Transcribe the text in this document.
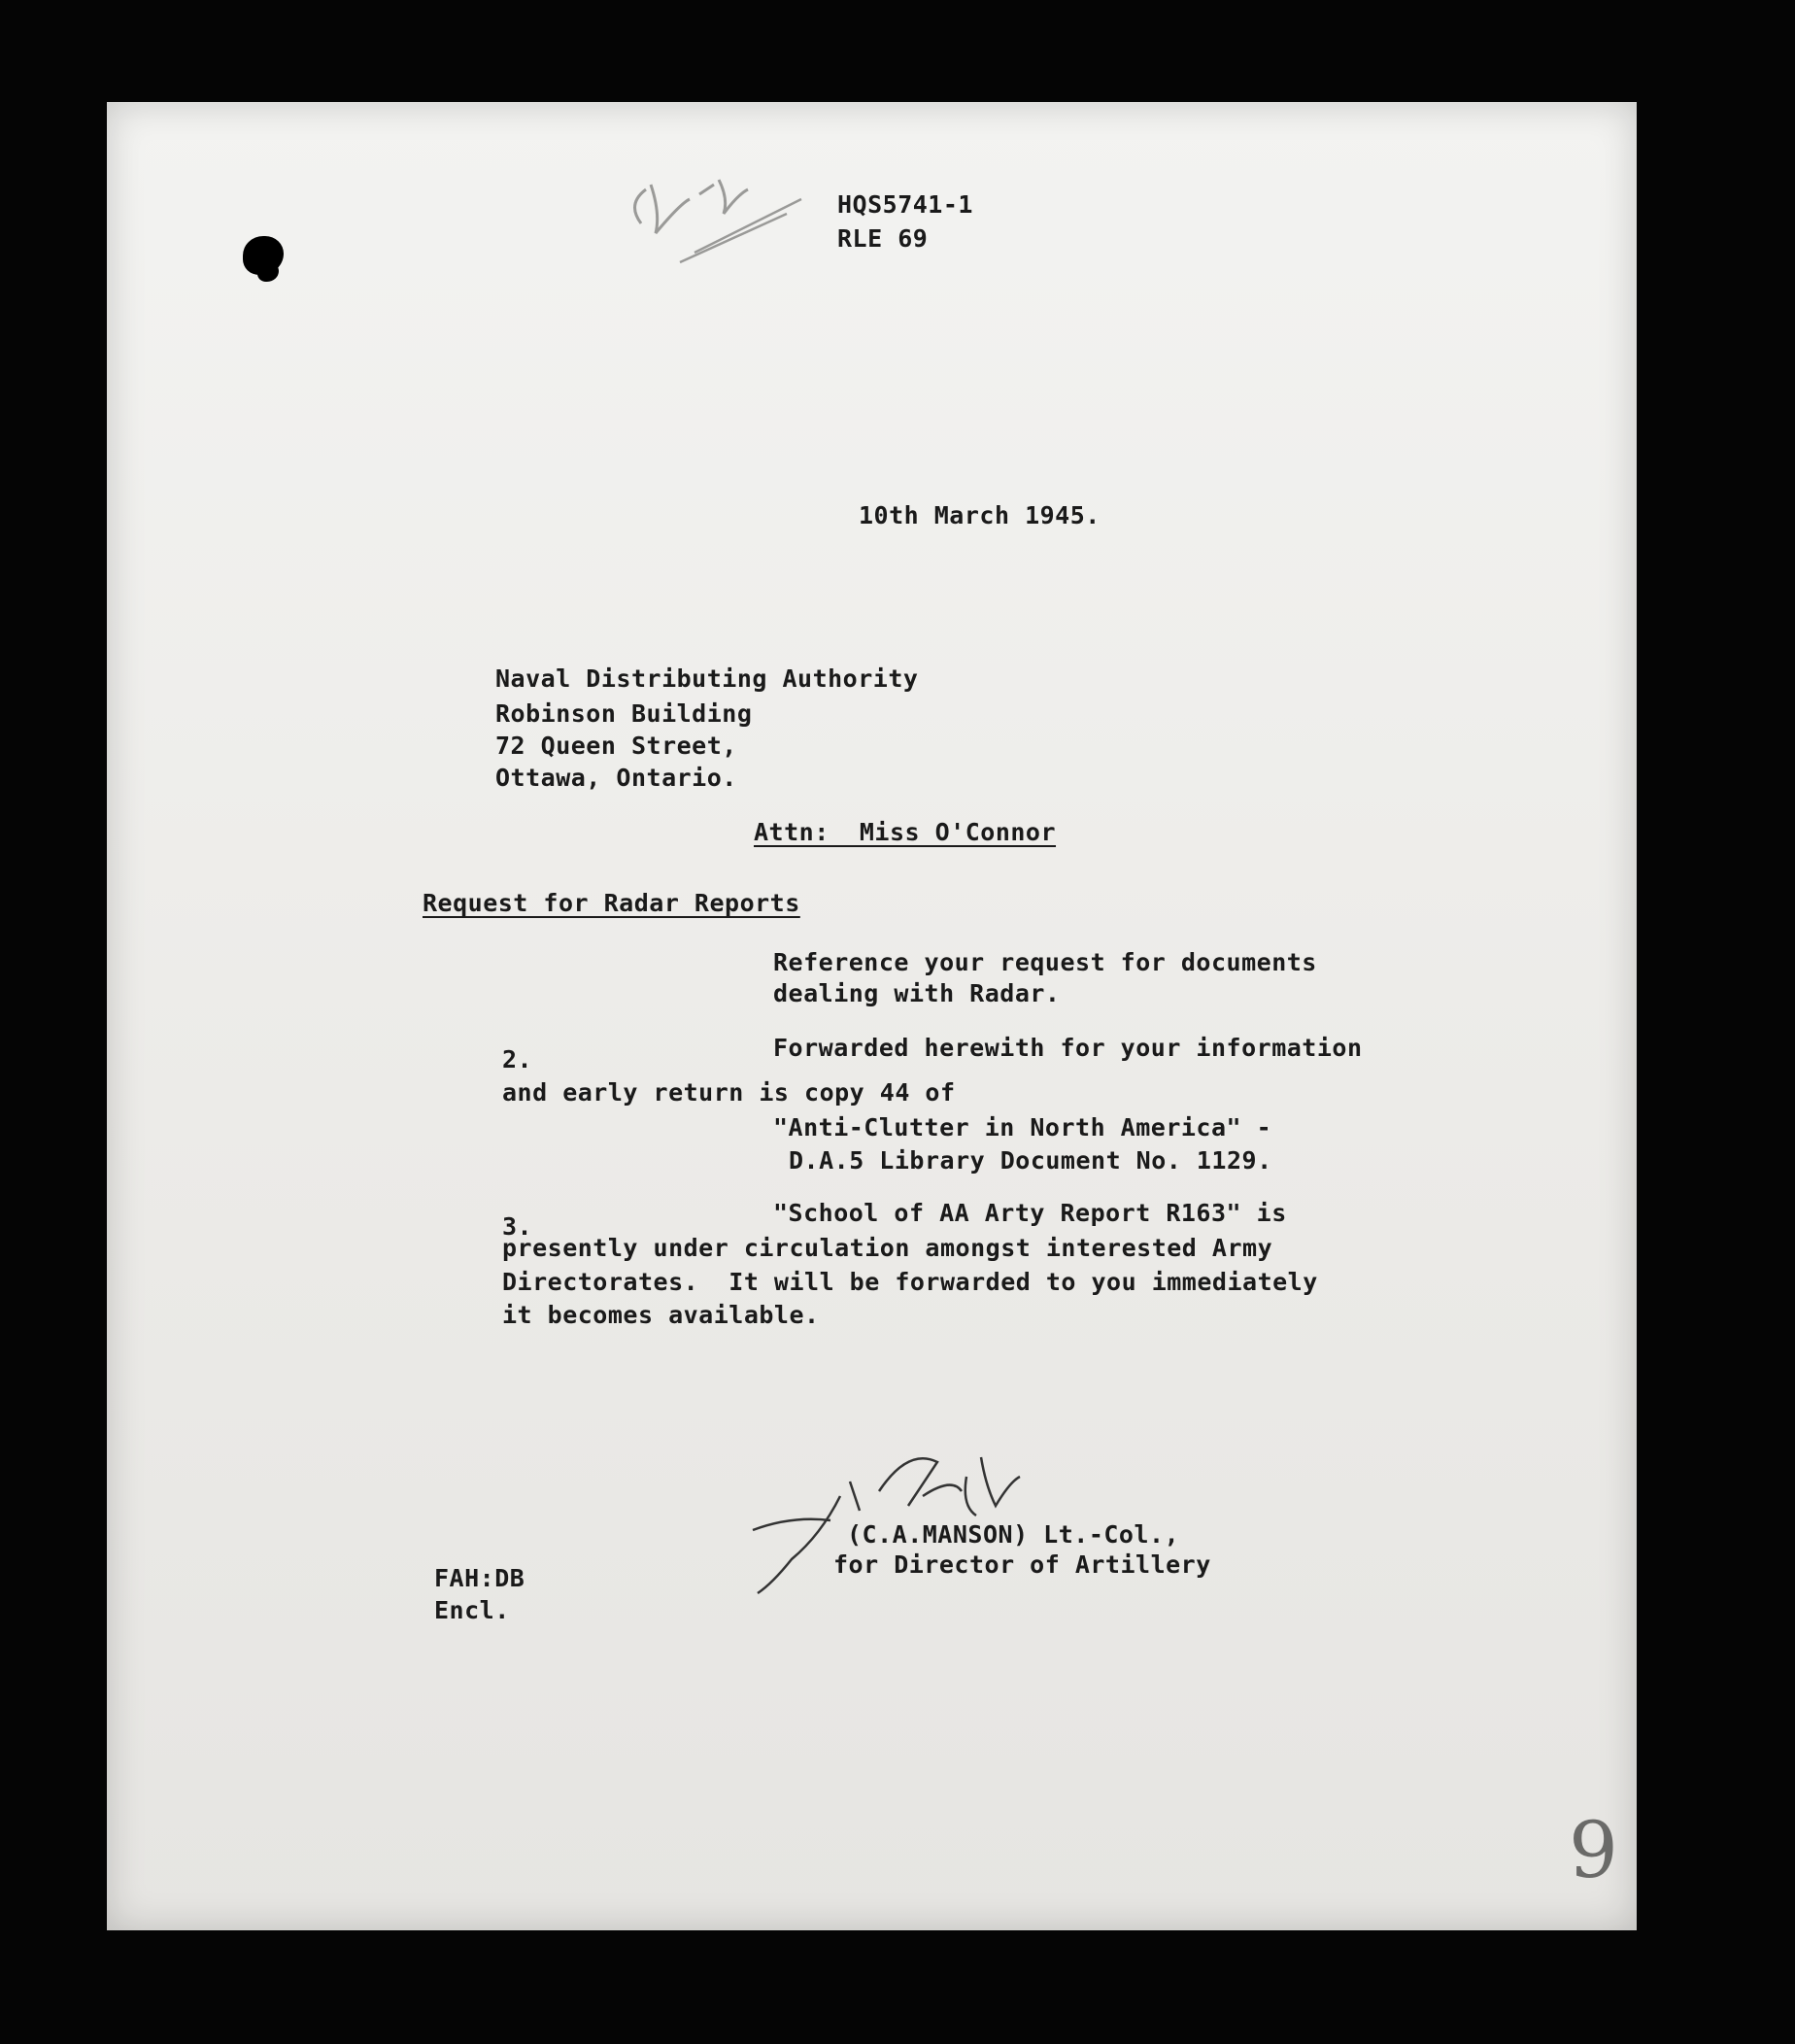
HQS5741-1
RLE 69
10th March 1945.
Naval Distributing Authority
Robinson Building
72 Queen Street,
Ottawa, Ontario.
Attn:  Miss O'Connor
Request for Radar Reports
Reference your request for documents
dealing with Radar.
2.	Forwarded herewith for your information
and early return is copy 44 of
"Anti-Clutter in North America" -
D.A.5 Library Document No. 1129.
3.	"School of AA Arty Report R163" is
presently under circulation amongst interested Army
Directorates.  It will be forwarded to you immediately
it becomes available.
(C.A.MANSON) Lt.-Col.,
for Director of Artillery
FAH:DB
Encl.
9
